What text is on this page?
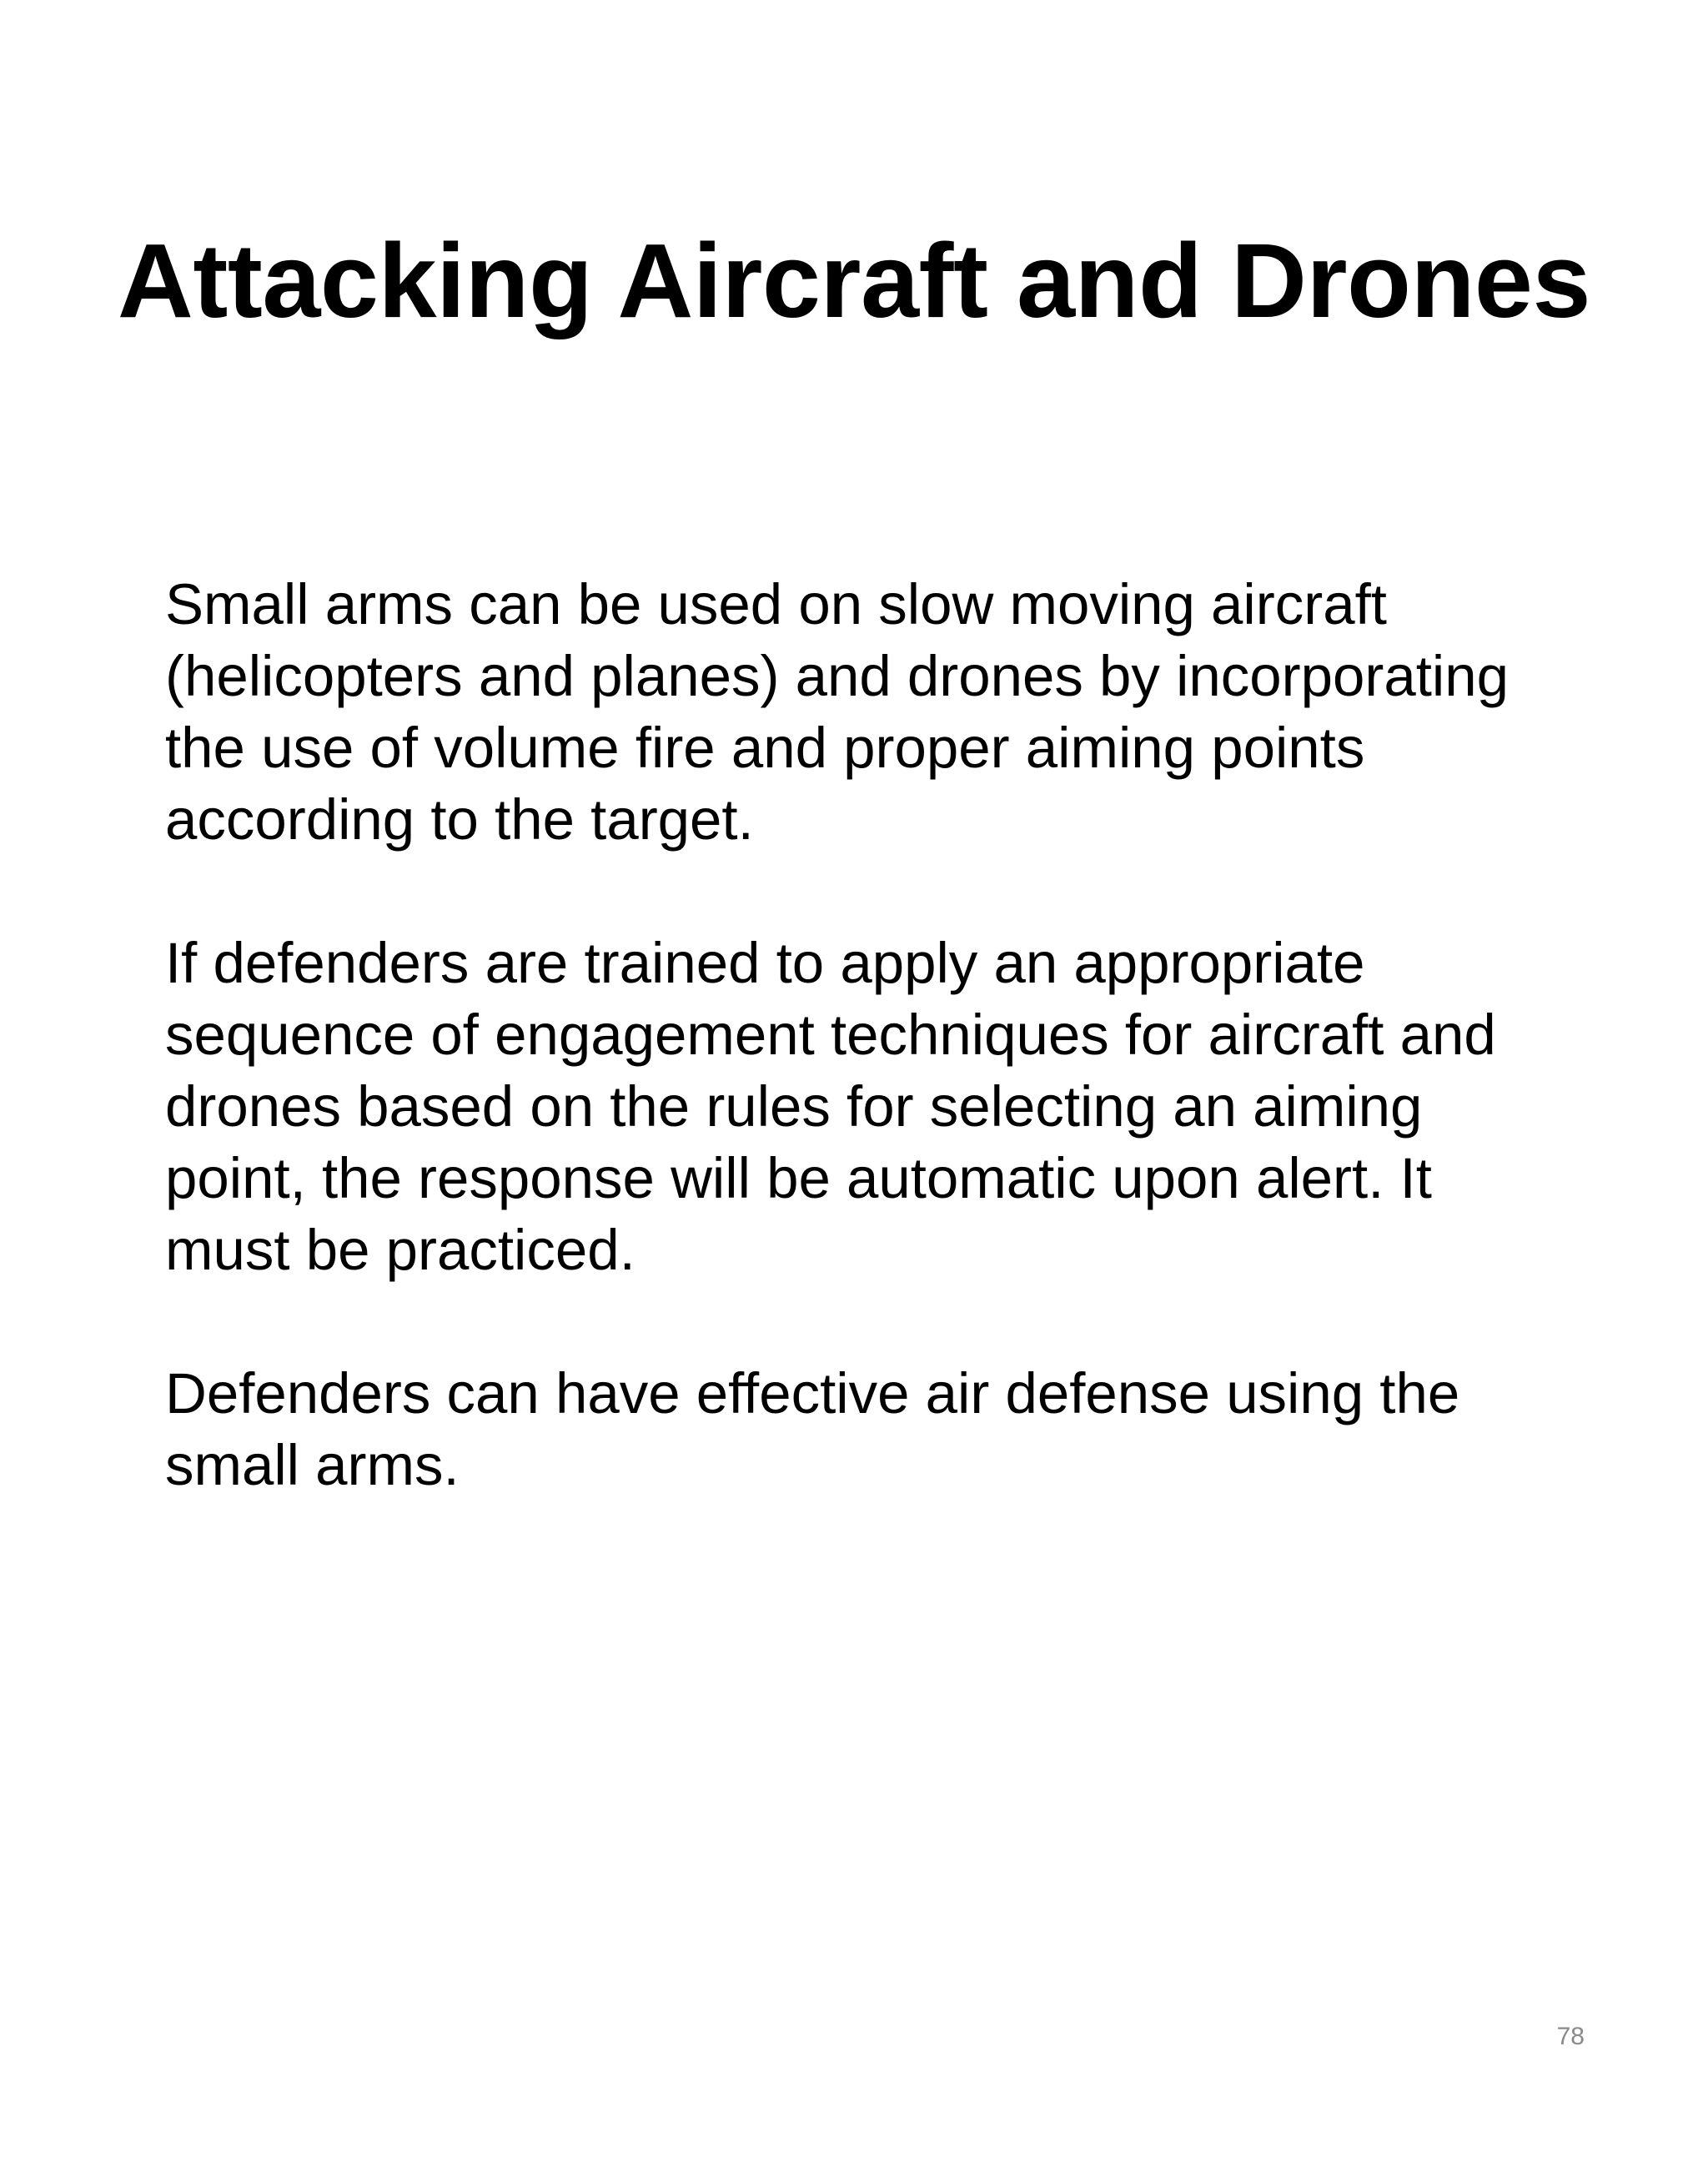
Attacking Aircraft and Drones

Small arms can be used on slow moving aircraft
(helicopters and planes) and drones by incorporating
the use of volume fire and proper aiming points
according to the target.

If defenders are trained to apply an appropriate
sequence of engagement techniques for aircraft and
drones based on the rules for selecting an aiming
point, the response will be automatic upon alert. It
must be practiced.

Defenders can have effective air defense using the
small arms.

78
